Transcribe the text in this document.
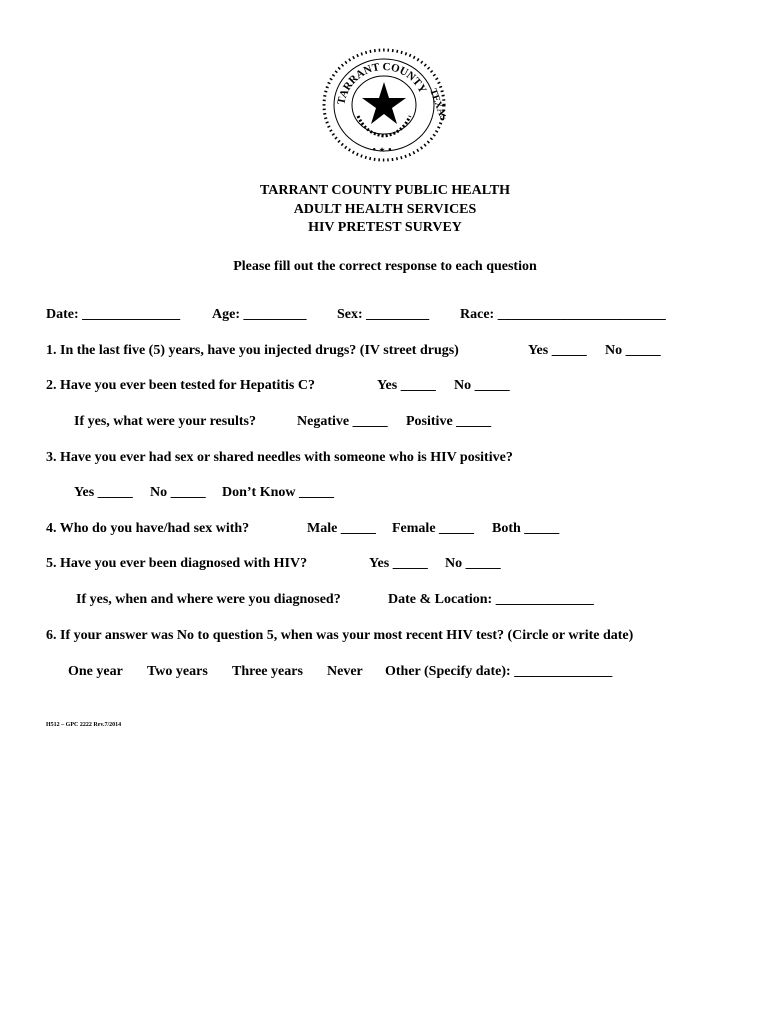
TARRANT COUNTY
TEXAS
• ★ •
TARRANT COUNTY PUBLIC HEALTH
ADULT HEALTH SERVICES
HIV PRETEST SURVEY
Please fill out the correct response to each question
Date: ______________ Age: _________ Sex: _________ Race: ________________________
1. In the last five (5) years, have you injected drugs? (IV street drugs)	Yes _____ No _____
2. Have you ever been tested for Hepatitis C?	Yes _____ No _____
If yes, what were your results?	Negative _____ Positive _____
3. Have you ever had sex or shared needles with someone who is HIV positive?
Yes _____ No _____ Don’t Know _____
4. Who do you have/had sex with?	Male _____ Female _____ Both _____
5. Have you ever been diagnosed with HIV?	Yes _____ No _____
If yes, when and where were you diagnosed?	Date & Location: ______________
6. If your answer was No to question 5, when was your most recent HIV test? (Circle or write date)
One year Two years Three years Never Other (Specify date): ______________
H512 – GPC 2222 Rev.7/2014
